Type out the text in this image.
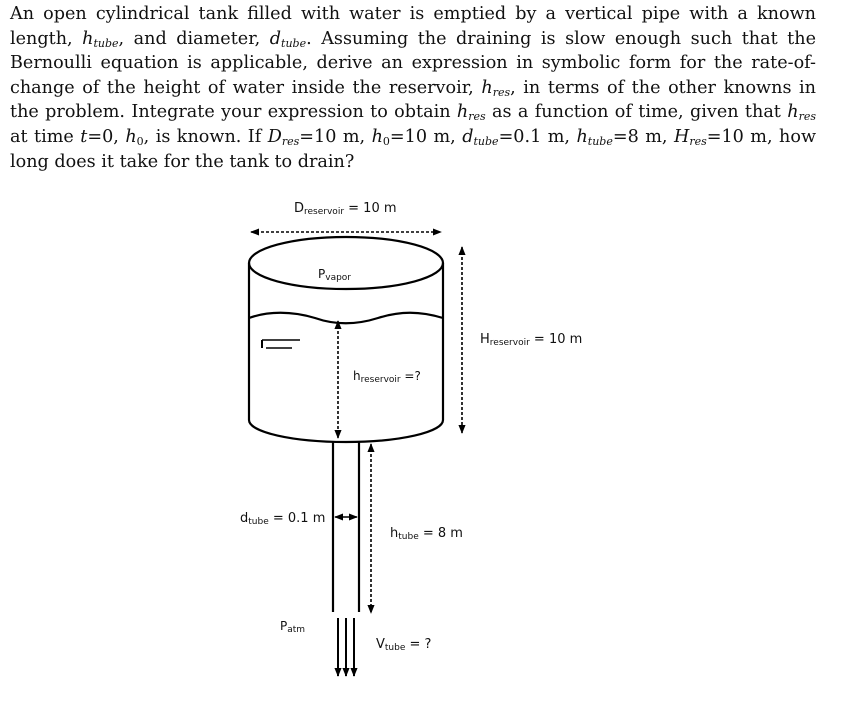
An open cylindrical tank filled with water is emptied by a vertical pipe with a known length, $h_{tube}$, and diameter, $d_{tube}$. Assuming the draining is slow enough such that the Bernoulli equation is applicable, derive an expression in symbolic form for the rate-of-change of the height of water inside the reservoir, $h_{res}$, in terms of the other knowns in the problem. Integrate your expression to obtain $h_{res}$ as a function of time, given that $h_{res}$ at time t=0, $h_0$, is known. If $D_{res}=10$ m, $h_0=10$ m, $d_{tube}=0.1$ m, $h_{tube}=8$ m, $H_{res}=10$ m, how long does it take for the tank to drain?

Dreservoir = 10 m
Pvapor
Hreservoir = 10 m
hreservoir =?
dtube = 0.1 m
htube = 8 m
Patm
Vtube = ?
